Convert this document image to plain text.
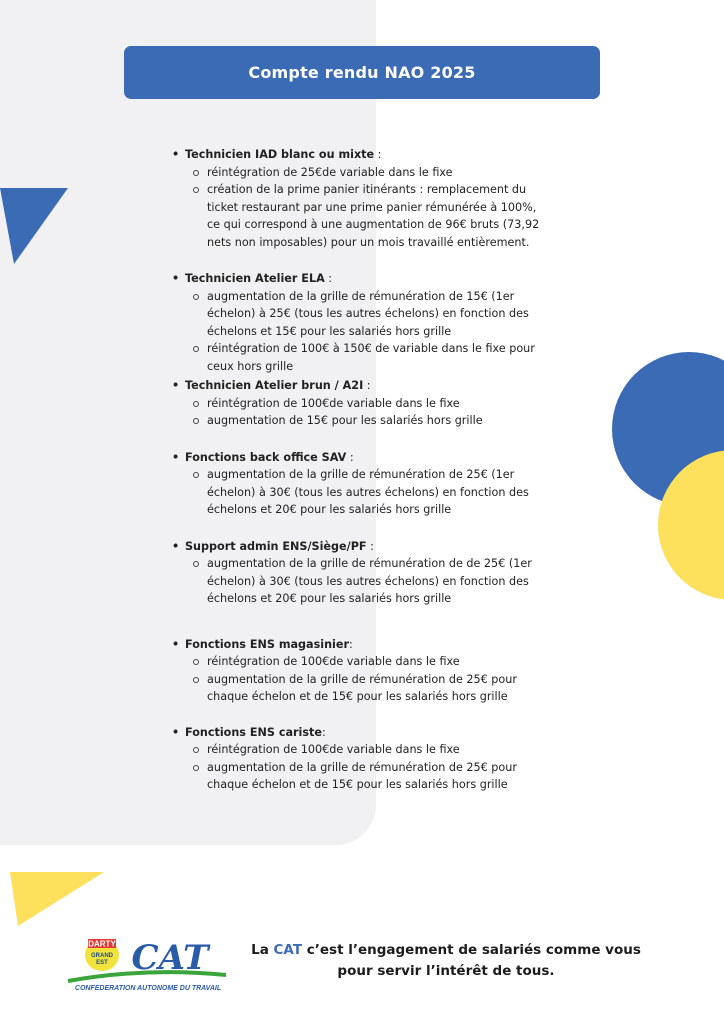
Compte rendu NAO 2025
• Technicien IAD blanc ou mixte :
réintégration de 25€de variable dans le fixe
création de la prime panier itinérants : remplacement du ticket restaurant par une prime panier rémunérée à 100%, ce qui correspond à une augmentation de 96€ bruts (73,92 nets non imposables) pour un mois travaillé entièrement.
• Technicien Atelier ELA :
augmentation de la grille de rémunération de 15€ (1er échelon) à 25€ (tous les autres échelons) en fonction des échelons et 15€ pour les salariés hors grille
réintégration de 100€ à 150€ de variable dans le fixe pour ceux hors grille
• Technicien Atelier brun / A2I :
réintégration de 100€de variable dans le fixe
augmentation de 15€ pour les salariés hors grille
• Fonctions back office SAV :
augmentation de la grille de rémunération de 25€ (1er échelon) à 30€ (tous les autres échelons) en fonction des échelons et 20€ pour les salariés hors grille
• Support admin ENS/Siège/PF :
augmentation de la grille de rémunération de de 25€ (1er échelon) à 30€ (tous les autres échelons) en fonction des échelons et 20€ pour les salariés hors grille
• Fonctions ENS magasinier:
réintégration de 100€de variable dans le fixe
augmentation de la grille de rémunération de 25€ pour chaque échelon et de 15€ pour les salariés hors grille
• Fonctions ENS cariste:
réintégration de 100€de variable dans le fixe
augmentation de la grille de rémunération de 25€ pour chaque échelon et de 15€ pour les salariés hors grille
DARTY
GRAND
EST CAT
CONFEDERATION AUTONOME DU TRAVAIL
La CAT c’est l’engagement de salariés comme vous
pour servir l’intérêt de tous.
